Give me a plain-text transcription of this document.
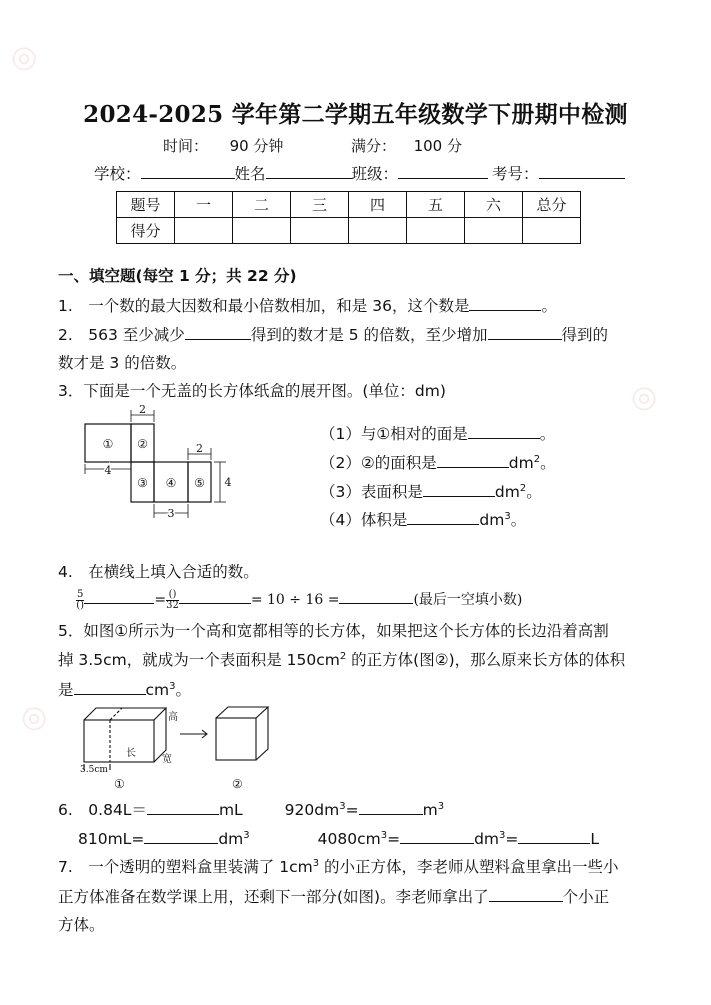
◎
◎
◎
2024-2025 学年第二学期五年级数学下册期中检测
时间： 90 分钟	满分： 100 分
学校：	姓名	班级：	考号：
题号	一	二	三	四	五	六	总分
得分							
一、填空题(每空 1 分；共 22 分)
1.　一个数的最大因数和最小倍数相加，和是 36，这个数是	。
2.　563 至少减少	得到的数才是 5 的倍数，至少增加	得到的
数才是 3 的倍数。
3．下面是一个无盖的长方体纸盒的展开图。(单位：dm)
① ②
③ ④ ⑤
2
4
2
4
3
（1）与①相对的面是	。
（2）②的面积是	$dm^2$。
（3）表面积是	$dm^2$。
（4）体积是	$dm^3$。
4.　在横线上填入合适的数。
$\frac{5}{()}$	= $\frac{()}{32}$	= 10 ÷ 16 =	(最后一空填小数)
5．如图①所示为一个高和宽都相等的长方体，如果把这个长方体的长边沿着高割
掉 3.5cm，就成为一个表面积是 $150cm^2$ 的正方体(图②)，那么原来长方体的体积
是	$cm^3$。
高
长
宽
3.5cm
①	②
6.　0.84L＝	mL	$920dm^3=$	$m^3$
810mL=	$dm^3$	$4080cm^3=$	$dm^3=$	L
7.　一个透明的塑料盒里装满了 $1cm^3$ 的小正方体，李老师从塑料盒里拿出一些小
正方体准备在数学课上用，还剩下一部分(如图)。李老师拿出了	个小正
方体。
